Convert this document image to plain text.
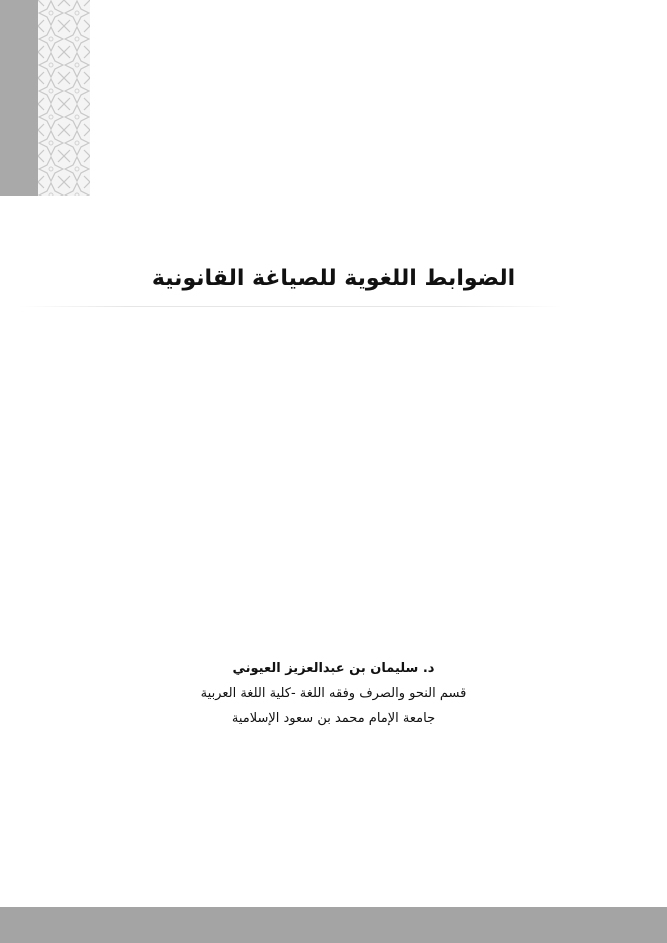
الضوابط اللغوية للصياغة القانونية
د. سليمان بن عبدالعزيز العيوني
قسم النحو والصرف وفقه اللغة -كلية اللغة العربية
جامعة الإمام محمد بن سعود الإسلامية
